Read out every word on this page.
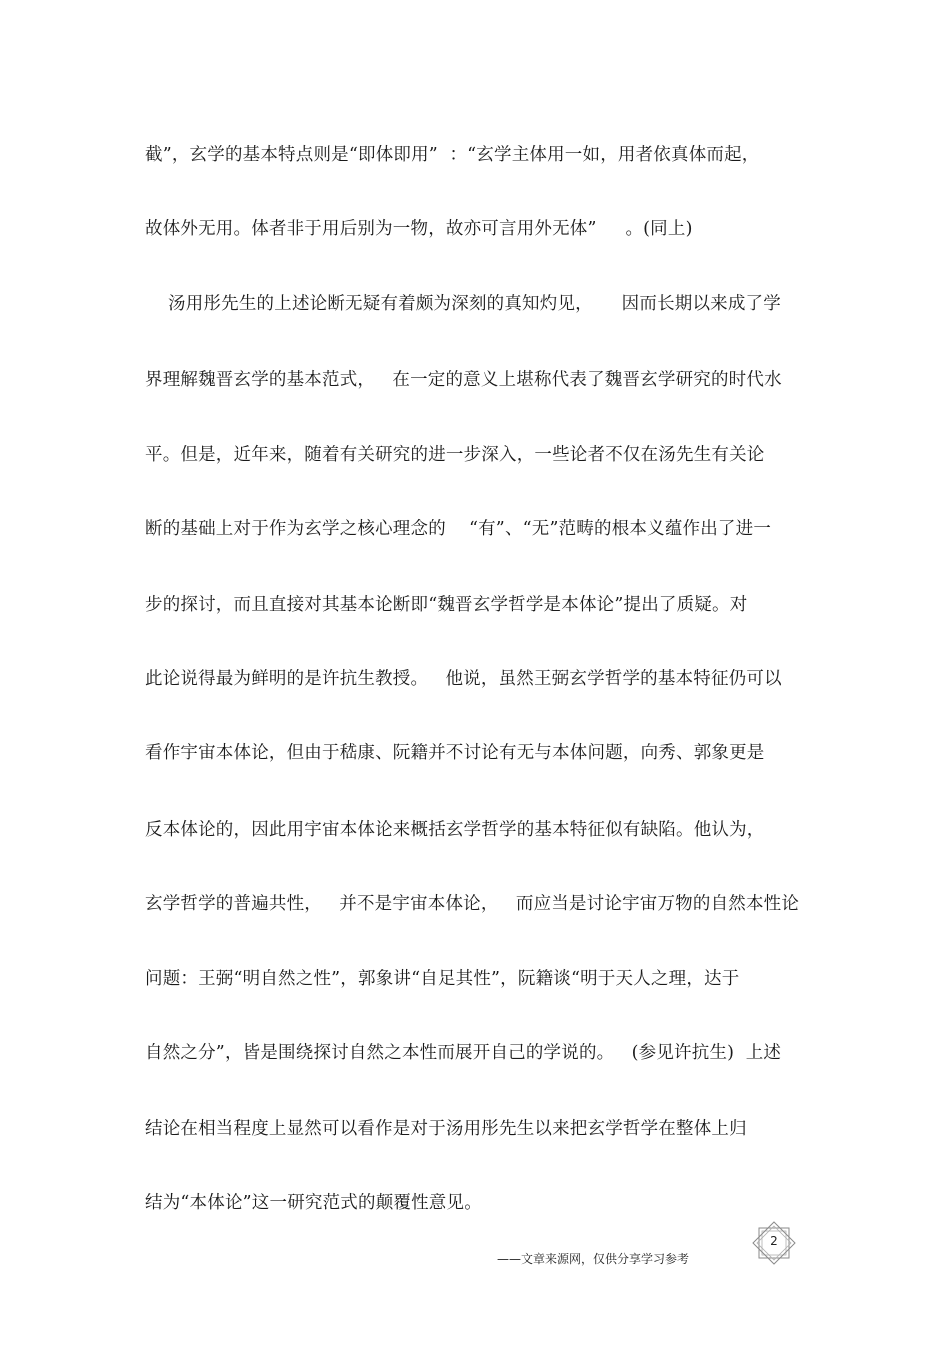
截”，玄学的基本特点则是“即体即用”  ：“玄学主体用一如，用者依真体而起，
故体外无用。体者非于用后别为一物，故亦可言用外无体”     。(同上)
汤用彤先生的上述论断无疑有着颇为深刻的真知灼见，     因而长期以来成了学
界理解魏晋玄学的基本范式，   在一定的意义上堪称代表了魏晋玄学研究的时代水
平。但是，近年来，随着有关研究的进一步深入，一些论者不仅在汤先生有关论
断的基础上对于作为玄学之核心理念的    “有”、“无”范畴的根本义蕴作出了进一
步的探讨，而且直接对其基本论断即“魏晋玄学哲学是本体论”提出了质疑。对
此论说得最为鲜明的是许抗生教授。   他说，虽然王弼玄学哲学的基本特征仍可以
看作宇宙本体论，但由于嵇康、阮籍并不讨论有无与本体问题，向秀、郭象更是
反本体论的，因此用宇宙本体论来概括玄学哲学的基本特征似有缺陷。他认为，
玄学哲学的普遍共性，   并不是宇宙本体论，   而应当是讨论宇宙万物的自然本性论
问题：王弼“明自然之性”，郭象讲“自足其性”，阮籍谈“明于天人之理，达于
自然之分”，皆是围绕探讨自然之本性而展开自己的学说的。   (参见许抗生)  上述
结论在相当程度上显然可以看作是对于汤用彤先生以来把玄学哲学在整体上归
结为“本体论”这一研究范式的颠覆性意见。
2
——文章来源网，仅供分享学习参考
